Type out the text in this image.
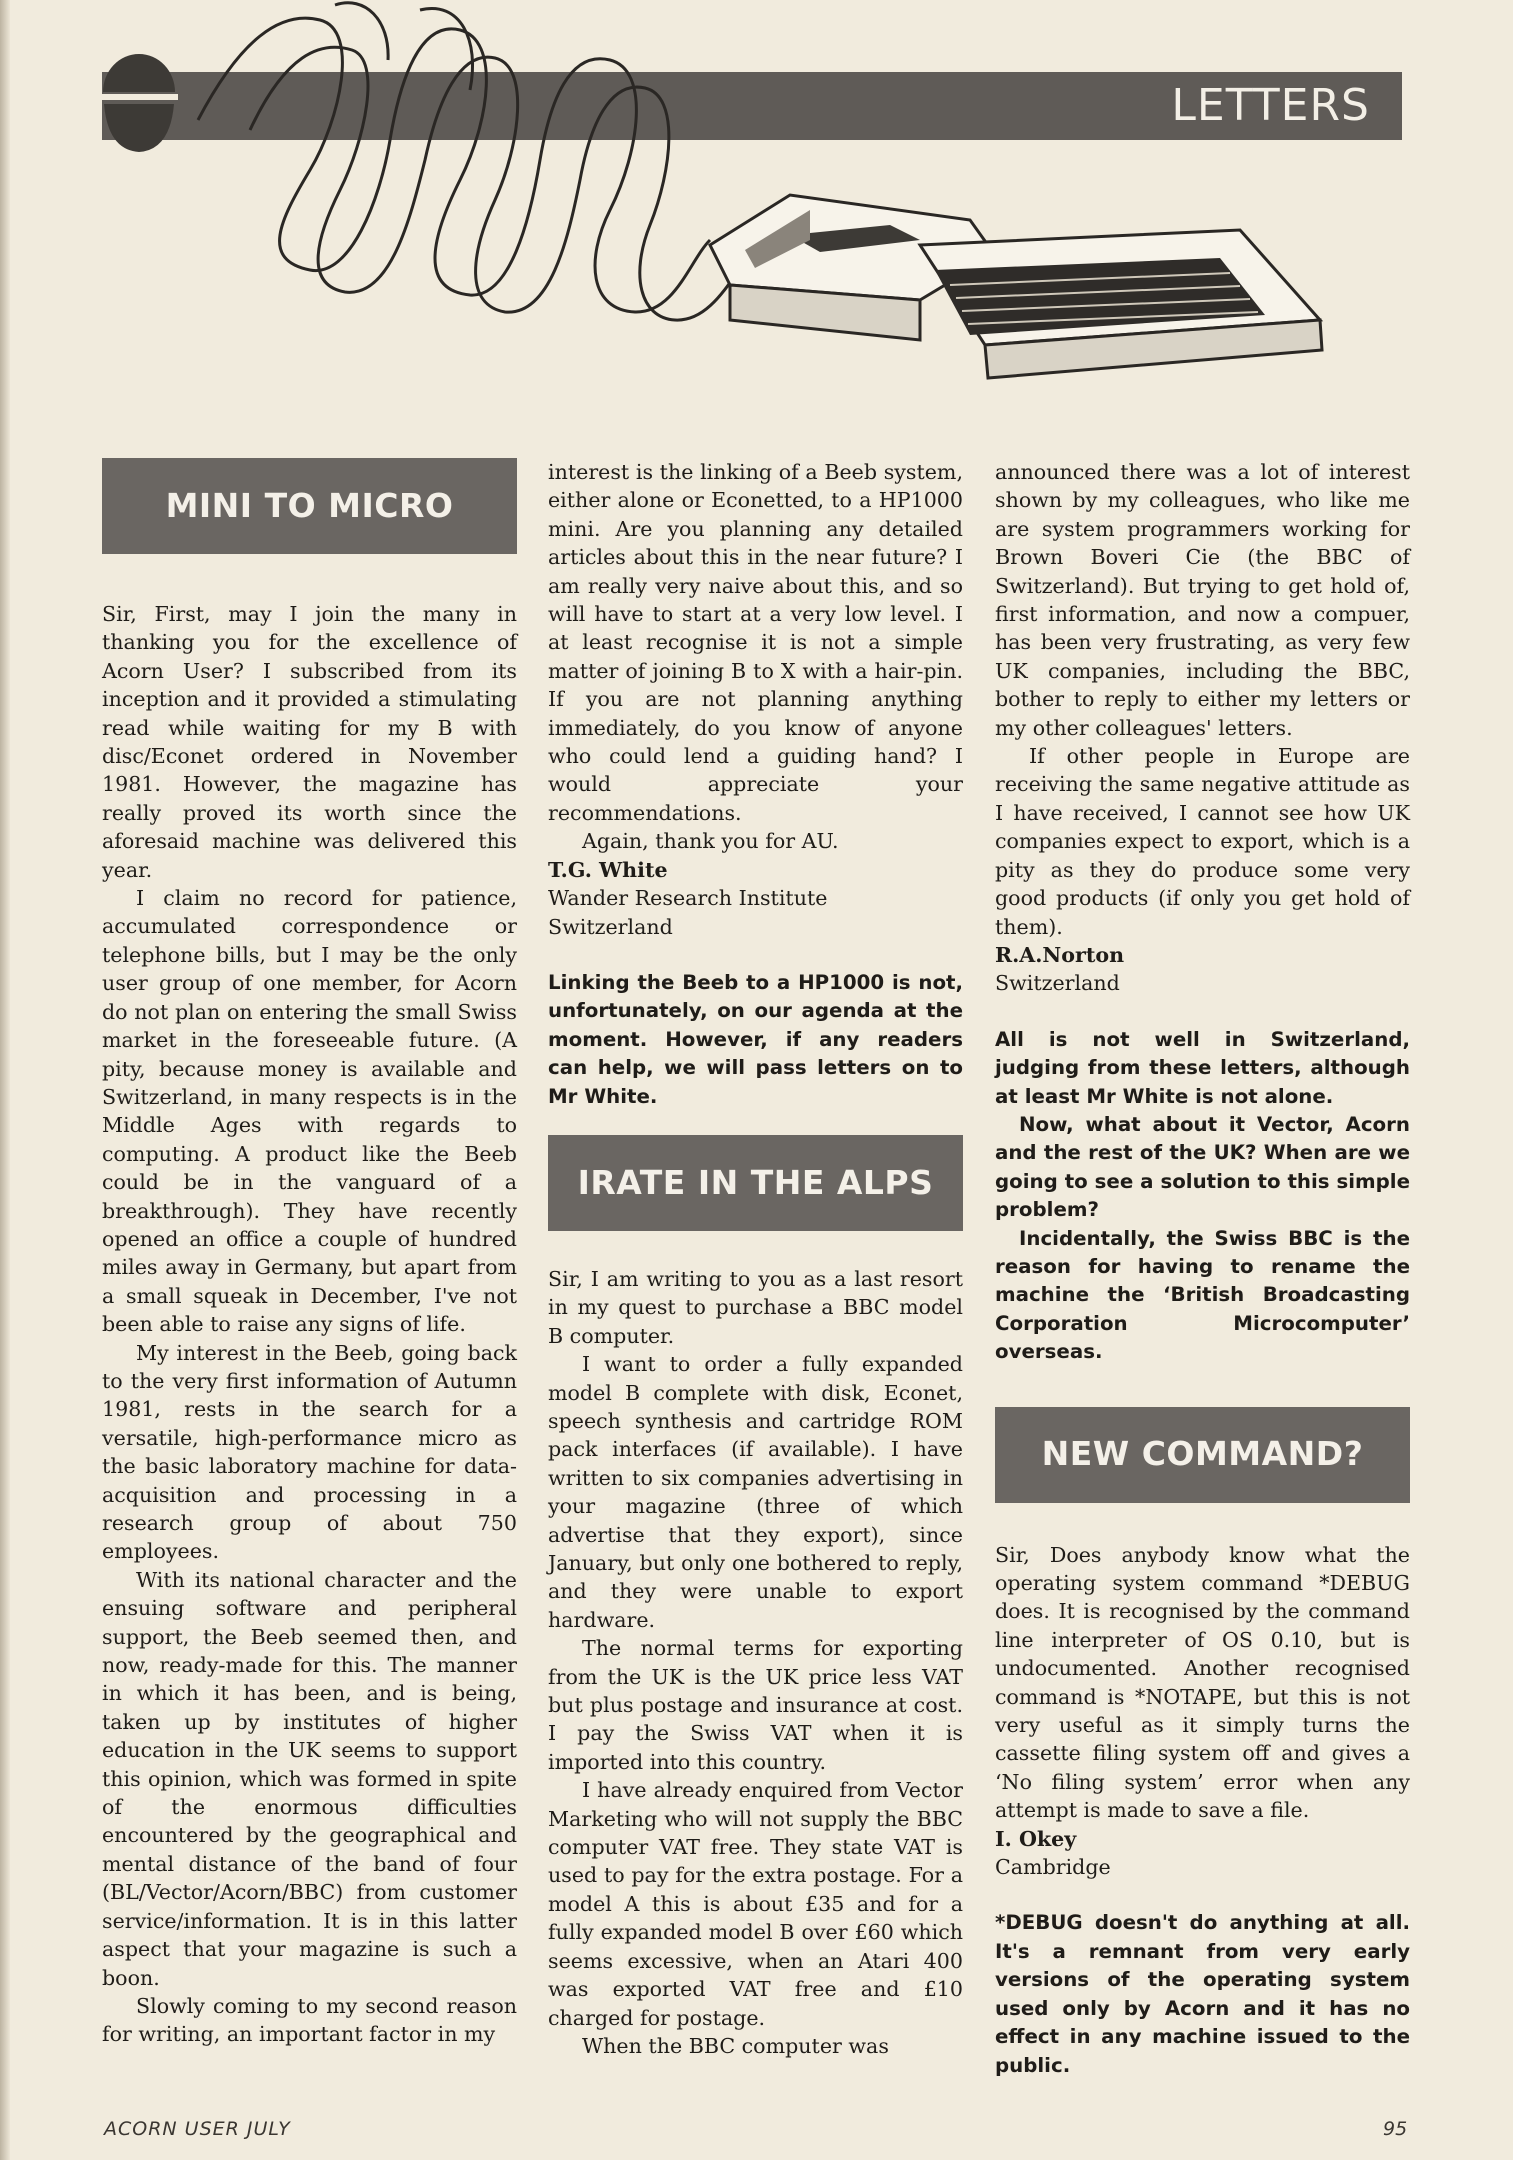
LETTERS
MINI TO MICRO

Sir, First, may I join the many in thanking you for the excellence of Acorn User? I subscribed from its inception and it provided a stimulating read while waiting for my B with disc/Econet ordered in November 1981. However, the magazine has really proved its worth since the aforesaid machine was delivered this year.

I claim no record for patience, accumulated correspondence or telephone bills, but I may be the only user group of one member, for Acorn do not plan on entering the small Swiss market in the foreseeable future. (A pity, because money is available and Switzerland, in many respects is in the Middle Ages with regards to computing. A product like the Beeb could be in the vanguard of a breakthrough). They have recently opened an office a couple of hundred miles away in Germany, but apart from a small squeak in December, I've not been able to raise any signs of life.

My interest in the Beeb, going back to the very first information of Autumn 1981, rests in the search for a versatile, high-performance micro as the basic laboratory machine for data-acquisition and processing in a research group of about 750 employees.

With its national character and the ensuing software and peripheral support, the Beeb seemed then, and now, ready-made for this. The manner in which it has been, and is being, taken up by institutes of higher education in the UK seems to support this opinion, which was formed in spite of the enormous difficulties encountered by the geographical and mental distance of the band of four (BL/Vector/Acorn/BBC) from customer service/information. It is in this latter aspect that your magazine is such a boon.

Slowly coming to my second reason for writing, an important factor in my

interest is the linking of a Beeb system, either alone or Econetted, to a HP1000 mini. Are you planning any detailed articles about this in the near future? I am really very naive about this, and so will have to start at a very low level. I at least recognise it is not a simple matter of joining B to X with a hair-pin. If you are not planning anything immediately, do you know of anyone who could lend a guiding hand? I would appreciate your recommendations.

Again, thank you for AU.

T.G. White

Wander Research Institute

Switzerland

Linking the Beeb to a HP1000 is not, unfortunately, on our agenda at the moment. However, if any readers can help, we will pass letters on to Mr White.

IRATE IN THE ALPS

Sir, I am writing to you as a last resort in my quest to purchase a BBC model B computer.

I want to order a fully expanded model B complete with disk, Econet, speech synthesis and cartridge ROM pack interfaces (if available). I have written to six companies advertising in your magazine (three of which advertise that they export), since January, but only one bothered to reply, and they were unable to export hardware.

The normal terms for exporting from the UK is the UK price less VAT but plus postage and insurance at cost. I pay the Swiss VAT when it is imported into this country.

I have already enquired from Vector Marketing who will not supply the BBC computer VAT free. They state VAT is used to pay for the extra postage. For a model A this is about £35 and for a fully expanded model B over £60 which seems excessive, when an Atari 400 was exported VAT free and £10 charged for postage.

When the BBC computer was

announced there was a lot of interest shown by my colleagues, who like me are system programmers working for Brown Boveri Cie (the BBC of Switzerland). But trying to get hold of, first information, and now a compuer, has been very frustrating, as very few UK companies, including the BBC, bother to reply to either my letters or my other colleagues' letters.

If other people in Europe are receiving the same negative attitude as I have received, I cannot see how UK companies expect to export, which is a pity as they do produce some very good products (if only you get hold of them).

R.A.Norton

Switzerland

All is not well in Switzerland, judging from these letters, although at least Mr White is not alone.

Now, what about it Vector, Acorn and the rest of the UK? When are we going to see a solution to this simple problem?

Incidentally, the Swiss BBC is the reason for having to rename the machine the ‘British Broadcasting Corporation Microcomputer’ overseas.

NEW COMMAND?

Sir, Does anybody know what the operating system command *DEBUG does. It is recognised by the command line interpreter of OS 0.10, but is undocumented. Another recognised command is *NOTAPE, but this is not very useful as it simply turns the cassette filing system off and gives a ‘No filing system’ error when any attempt is made to save a file.

I. Okey

Cambridge

*DEBUG doesn't do anything at all. It's a remnant from very early versions of the operating system used only by Acorn and it has no effect in any machine issued to the public.

ACORN USER JULY	95
